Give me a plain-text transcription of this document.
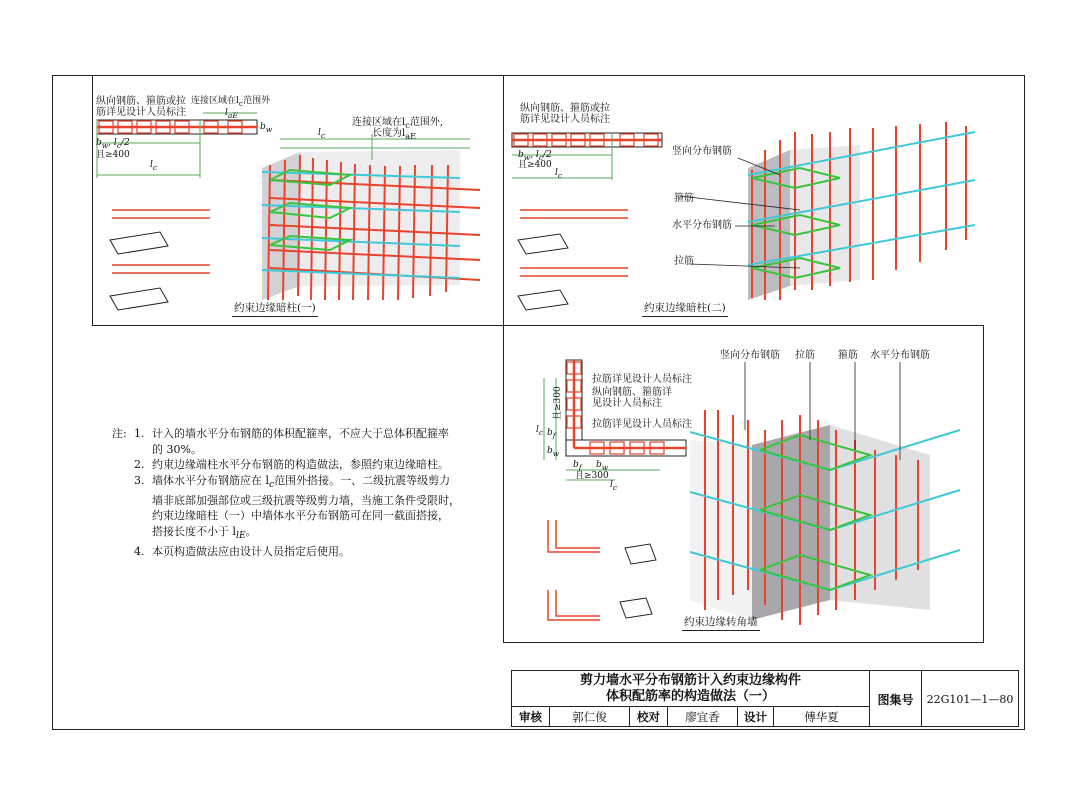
纵向钢筋、箍筋或拉
筋详见设计人员标注
连接区域在$l_c$范围外
$l_{aE}$
$b_w$
连接区域在$l_c$范围外,
长度为$l_{aE}$
$l_c$
$b_w$, $l_c/2$
且≥400
$l_c$
约束边缘暗柱(一)
纵向钢筋、箍筋或拉
筋详见设计人员标注
$b_w$, $l_c/2$
且≥400
$l_c$
竖向分布钢筋
箍筋
水平分布钢筋
拉筋
约束边缘暗柱(二)
竖向分布钢筋 拉筋 箍筋 水平分布钢筋
拉筋详见设计人员标注
纵向钢筋、箍筋详
见设计人员标注
拉筋详见设计人员标注
且≥300
$l_c$ $b_f$
$b_w$
$b_f$ $b_w$
且≥300
$l_c$
约束边缘转角墙
注: 1. 计入的墙水平分布钢筋的体积配箍率，不应大于总体积配箍率
的 30%。
2. 约束边缘端柱水平分布钢筋的构造做法，参照约束边缘暗柱。
3. 墙体水平分布钢筋应在 $l_c$范围外搭接。一、二级抗震等级剪力
墙非底部加强部位或三级抗震等级剪力墙，当施工条件受限时，
约束边缘暗柱（一）中墙体水平分布钢筋可在同一截面搭接，
搭接长度不小于 $l_{lE}$。
4. 本页构造做法应由设计人员指定后使用。
剪力墙水平分布钢筋计入约束边缘构件
体积配筋率的构造做法（一）	图集号	22G101—1—80
审核	郭仁俊	校对	廖宜香	设计	傅华夏
